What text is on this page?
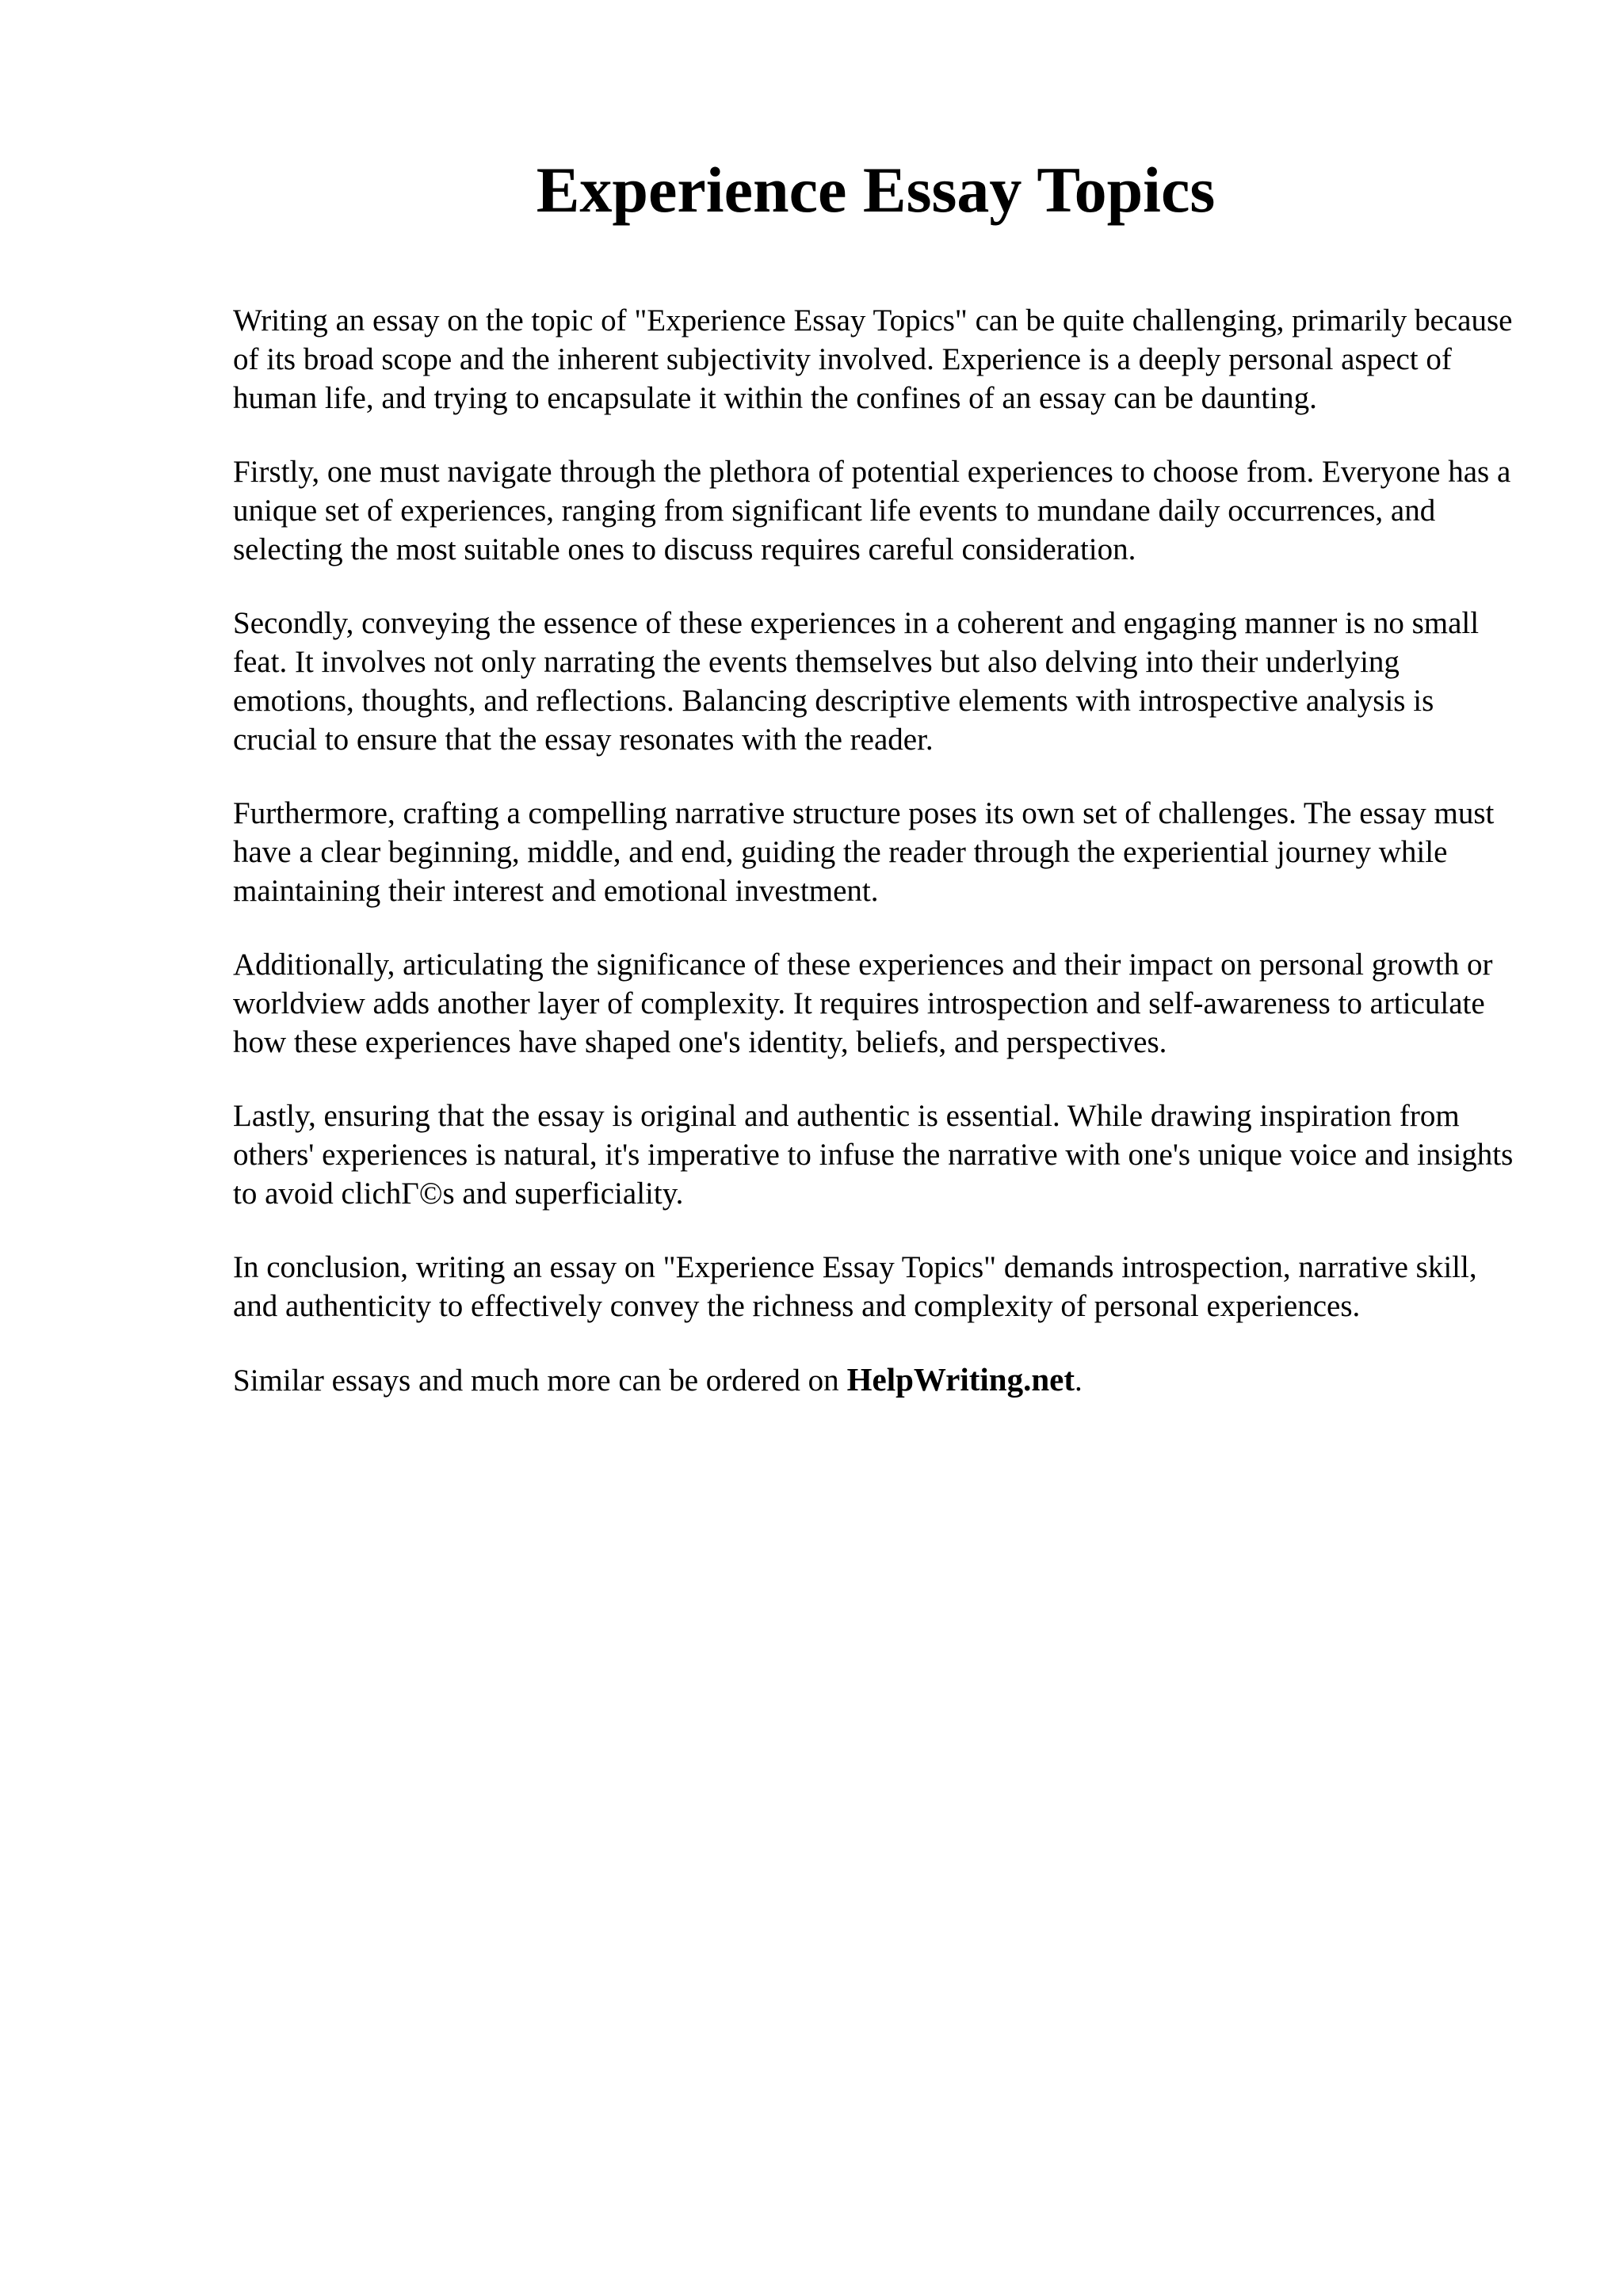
Experience Essay Topics

Writing an essay on the topic of "Experience Essay Topics" can be quite challenging, primarily because of its broad scope and the inherent subjectivity involved. Experience is a deeply personal aspect of human life, and trying to encapsulate it within the confines of an essay can be daunting.

Firstly, one must navigate through the plethora of potential experiences to choose from. Everyone has a unique set of experiences, ranging from significant life events to mundane daily occurrences, and selecting the most suitable ones to discuss requires careful consideration.

Secondly, conveying the essence of these experiences in a coherent and engaging manner is no small feat. It involves not only narrating the events themselves but also delving into their underlying emotions, thoughts, and reflections. Balancing descriptive elements with introspective analysis is crucial to ensure that the essay resonates with the reader.

Furthermore, crafting a compelling narrative structure poses its own set of challenges. The essay must have a clear beginning, middle, and end, guiding the reader through the experiential journey while maintaining their interest and emotional investment.

Additionally, articulating the significance of these experiences and their impact on personal growth or worldview adds another layer of complexity. It requires introspection and self-awareness to articulate how these experiences have shaped one's identity, beliefs, and perspectives.

Lastly, ensuring that the essay is original and authentic is essential. While drawing inspiration from others' experiences is natural, it's imperative to infuse the narrative with one's unique voice and insights to avoid clichΓ©s and superficiality.

In conclusion, writing an essay on "Experience Essay Topics" demands introspection, narrative skill, and authenticity to effectively convey the richness and complexity of personal experiences.

Similar essays and much more can be ordered on HelpWriting.net.
